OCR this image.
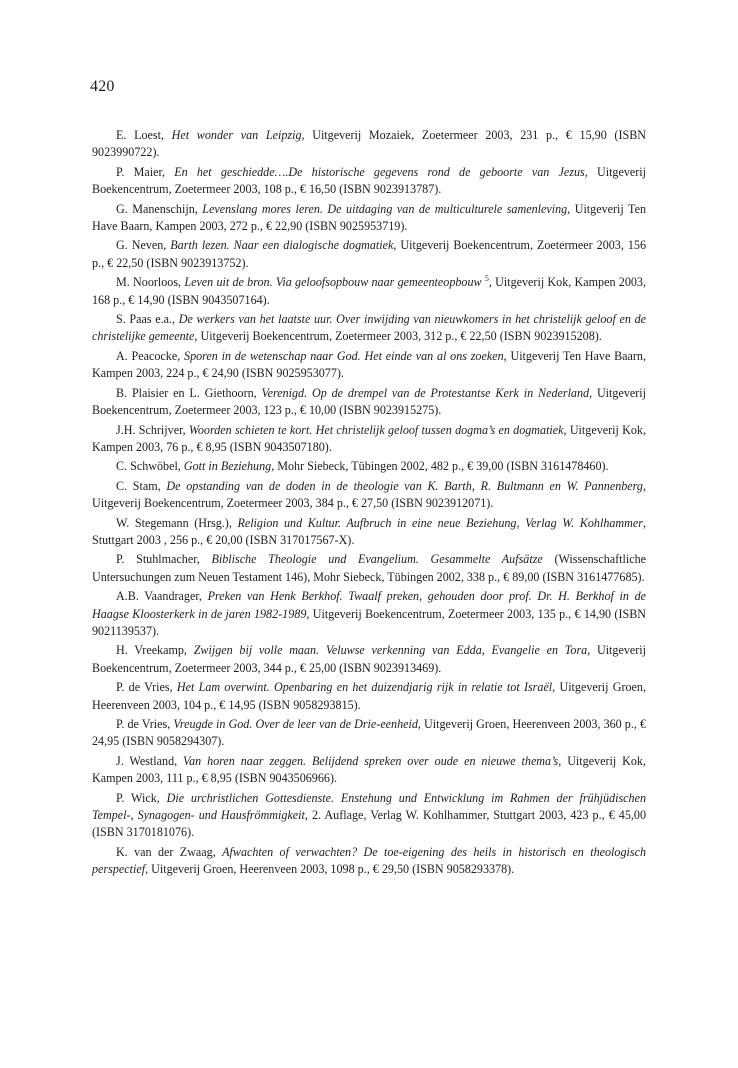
420

E. Loest, Het wonder van Leipzig, Uitgeverij Mozaiek, Zoetermeer 2003, 231 p., € 15,90 (ISBN 9023990722).

P. Maier, En het geschiedde….De historische gegevens rond de geboorte van Jezus, Uitgeverij Boekencentrum, Zoetermeer 2003, 108 p., € 16,50 (ISBN 9023913787).

G. Manenschijn, Levenslang mores leren. De uitdaging van de multiculturele samenleving, Uitgeverij Ten Have Baarn, Kampen 2003, 272 p., € 22,90 (ISBN 9025953719).

G. Neven, Barth lezen. Naar een dialogische dogmatiek, Uitgeverij Boekencentrum, Zoetermeer 2003, 156 p., € 22,50 (ISBN 9023913752).

M. Noorloos, Leven uit de bron. Via geloofsopbouw naar gemeenteopbouw $^5$, Uitgeverij Kok, Kampen 2003, 168 p., € 14,90 (ISBN 9043507164).

S. Paas e.a., De werkers van het laatste uur. Over inwijding van nieuwkomers in het christelijk geloof en de christelijke gemeente, Uitgeverij Boekencentrum, Zoetermeer 2003, 312 p., € 22,50 (ISBN 9023915208).

A. Peacocke, Sporen in de wetenschap naar God. Het einde van al ons zoeken, Uitgeverij Ten Have Baarn, Kampen 2003, 224 p., € 24,90 (ISBN 9025953077).

B. Plaisier en L. Giethoorn, Verenigd. Op de drempel van de Protestantse Kerk in Nederland, Uitgeverij Boekencentrum, Zoetermeer 2003, 123 p., € 10,00 (ISBN 9023915275).

J.H. Schrijver, Woorden schieten te kort. Het christelijk geloof tussen dogma’s en dogmatiek, Uitgeverij Kok, Kampen 2003, 76 p., € 8,95 (ISBN 9043507180).

C. Schwöbel, Gott in Beziehung, Mohr Siebeck, Tübingen 2002, 482 p., € 39,00 (ISBN 3161478460).

C. Stam, De opstanding van de doden in de theologie van K. Barth, R. Bultmann en W. Pannenberg, Uitgeverij Boekencentrum, Zoetermeer 2003, 384 p., € 27,50 (ISBN 9023912071).

W. Stegemann (Hrsg.), Religion und Kultur. Aufbruch in eine neue Beziehung, Verlag W. Kohlhammer, Stuttgart 2003 , 256 p., € 20,00 (ISBN 317017567-X).

P. Stuhlmacher, Biblische Theologie und Evangelium. Gesammelte Aufsätze (Wissenschaftliche Untersuchungen zum Neuen Testament 146), Mohr Siebeck, Tübingen 2002, 338 p., € 89,00 (ISBN 3161477685).

A.B. Vaandrager, Preken van Henk Berkhof. Twaalf preken, gehouden door prof. Dr. H. Berkhof in de Haagse Kloosterkerk in de jaren 1982-1989, Uitgeverij Boekencentrum, Zoetermeer 2003, 135 p., € 14,90 (ISBN 9021139537).

H. Vreekamp, Zwijgen bij volle maan. Veluwse verkenning van Edda, Evangelie en Tora, Uitgeverij Boekencentrum, Zoetermeer 2003, 344 p., € 25,00 (ISBN 9023913469).

P. de Vries, Het Lam overwint. Openbaring en het duizendjarig rijk in relatie tot Israël, Uitgeverij Groen, Heerenveen 2003, 104 p., € 14,95 (ISBN 9058293815).

P. de Vries, Vreugde in God. Over de leer van de Drie-eenheid, Uitgeverij Groen, Heerenveen 2003, 360 p., € 24,95 (ISBN 9058294307).

J. Westland, Van horen naar zeggen. Belijdend spreken over oude en nieuwe thema’s, Uitgeverij Kok, Kampen 2003, 111 p., € 8,95 (ISBN 9043506966).

P. Wick, Die urchristlichen Gottesdienste. Enstehung und Entwicklung im Rahmen der frühjüdischen Tempel-, Synagogen- und Hausfrömmigkeit, 2. Auflage, Verlag W. Kohlhammer, Stuttgart 2003, 423 p., € 45,00 (ISBN 3170181076).

K. van der Zwaag, Afwachten of verwachten? De toe-eigening des heils in historisch en theologisch perspectief, Uitgeverij Groen, Heerenveen 2003, 1098 p., € 29,50 (ISBN 9058293378).
